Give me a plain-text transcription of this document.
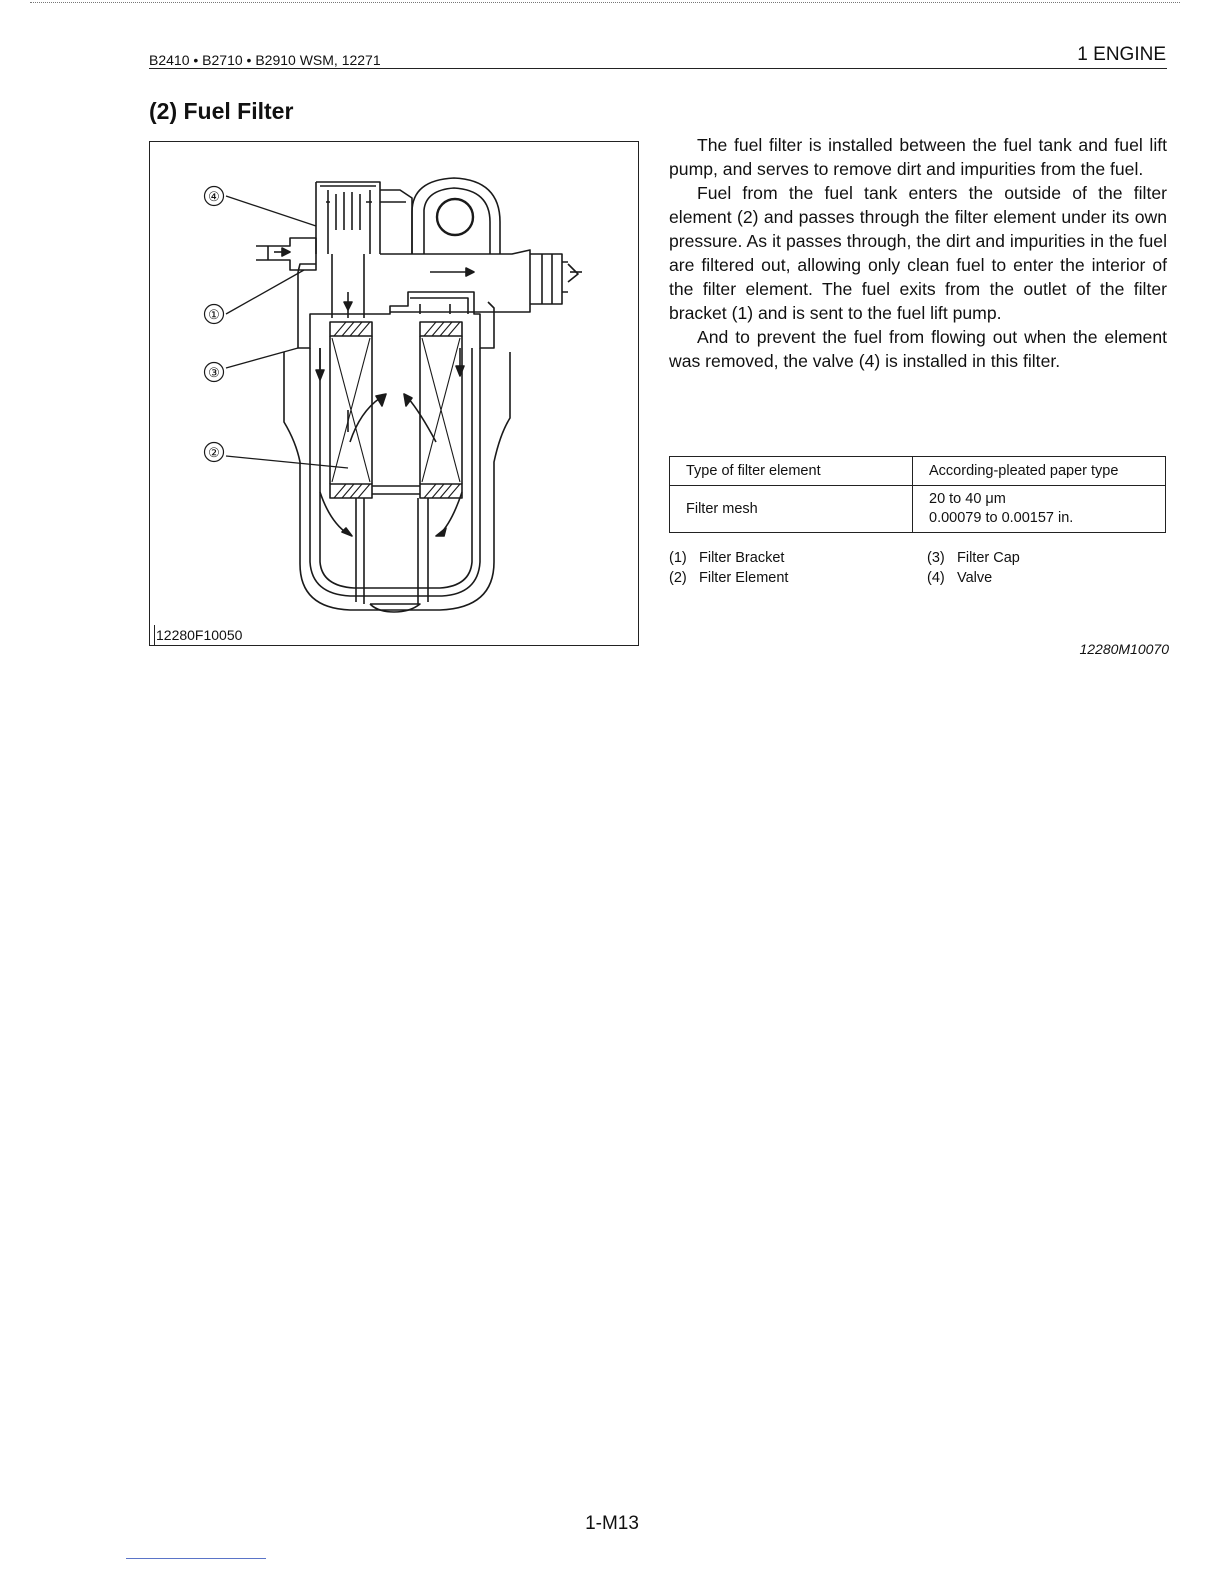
B2410 • B2710 • B2910 WSM, 12271	1 ENGINE
(2) Fuel Filter
④
①
③
②
12280F10050

The fuel filter is installed between the fuel tank and fuel lift pump, and serves to remove dirt and impurities from the fuel.

Fuel from the fuel tank enters the outside of the filter element (2) and passes through the filter element under its own pressure. As it passes through, the dirt and impurities in the fuel are filtered out, allowing only clean fuel to enter the interior of the filter element. The fuel exits from the outlet of the filter bracket (1) and is sent to the fuel lift pump.

And to prevent the fuel from flowing out when the element was removed, the valve (4) is installed in this filter.

Type of filter element	According-pleated paper type
Filter mesh	20 to 40 μm
0.00079 to 0.00157 in.
(1) Filter Bracket
(2) Filter Element
(3) Filter Cap
(4) Valve
12280M10070
1-M13
